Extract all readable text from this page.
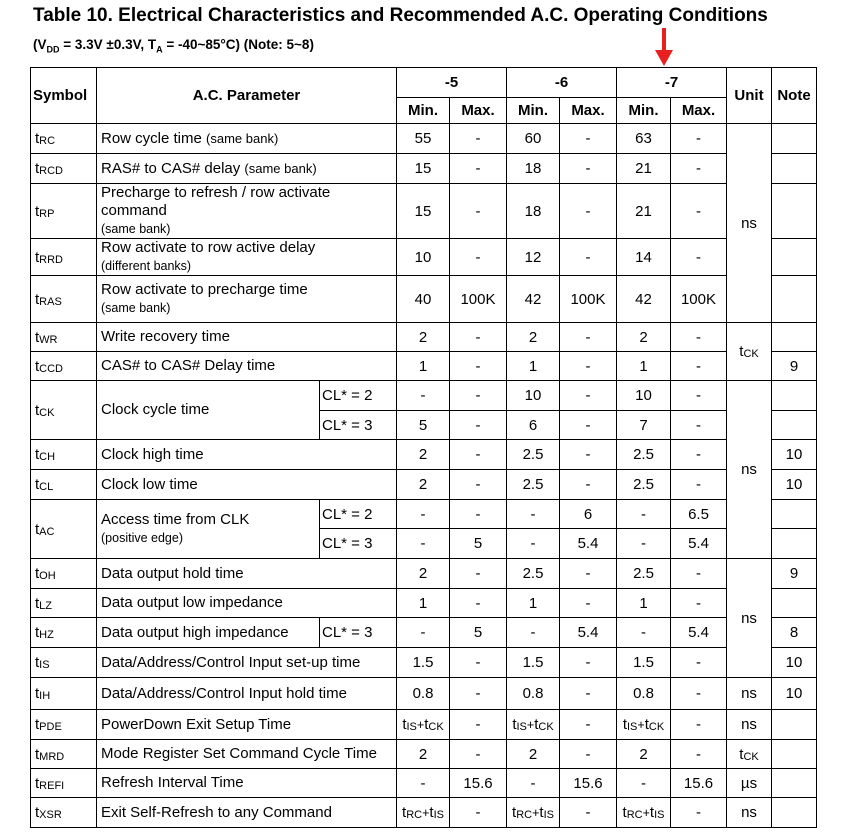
Table 10. Electrical Characteristics and Recommended A.C. Operating Conditions
($V_{DD} = 3.3V \pm 0.3V$, $T_A$ = -40~85°C) (Note: 5~8)
Symbol	A.C. Parameter		-5		-6		-7		Unit	Note
			Min.	Max.	Min.	Max.	Min.	Max.		
$t_{RC}$	Row cycle time (same bank)		55	-	60	-	63	-	ns	
$t_{RCD}$	RAS# to CAS# delay (same bank)		15	-	18	-	21	-		
$t_{RP}$	Precharge to refresh / row activate
command
(same bank)		15	-	18	-	21	-		
$t_{RRD}$	Row activate to row active delay
(different banks)		10	-	12	-	14	-		
$t_{RAS}$	Row activate to precharge time
(same bank)		40	100K	42	100K	42	100K		
$t_{WR}$	Write recovery time		2	-	2	-	2	-	$t_{CK}$	
$t_{CCD}$	CAS# to CAS# Delay time		1	-	1	-	1	-		9
$t_{CK}$	Clock cycle time	CL* = 2	-	-	10	-	10	-	ns	
		CL* = 3	5	-	6	-	7	-		
$t_{CH}$	Clock high time		2	-	2.5	-	2.5	-		10
$t_{CL}$	Clock low time		2	-	2.5	-	2.5	-		10
$t_{AC}$	Access time from CLK
(positive edge)	CL* = 2	-	-	-	6	-	6.5		
		CL* = 3	-	5	-	5.4	-	5.4		
$t_{OH}$	Data output hold time		2	-	2.5	-	2.5	-	ns	9
$t_{LZ}$	Data output low impedance		1	-	1	-	1	-		
$t_{HZ}$	Data output high impedance	CL* = 3	-	5	-	5.4	-	5.4		8
$t_{IS}$	Data/Address/Control Input set-up time		1.5	-	1.5	-	1.5	-		10
$t_{IH}$	Data/Address/Control Input hold time		0.8	-	0.8	-	0.8	-	ns	10
$t_{PDE}$	PowerDown Exit Setup Time		$t_{IS}+t_{CK}$	-	$t_{IS}+t_{CK}$	-	$t_{IS}+t_{CK}$	-	ns	
$t_{MRD}$	Mode Register Set Command Cycle Time		2	-	2	-	2	-	$t_{CK}$	
$t_{REFI}$	Refresh Interval Time		-	15.6	-	15.6	-	15.6	µs	
$t_{XSR}$	Exit Self-Refresh to any Command		$t_{RC}+t_{IS}$	-	$t_{RC}+t_{IS}$	-	$t_{RC}+t_{IS}$	-	ns	
